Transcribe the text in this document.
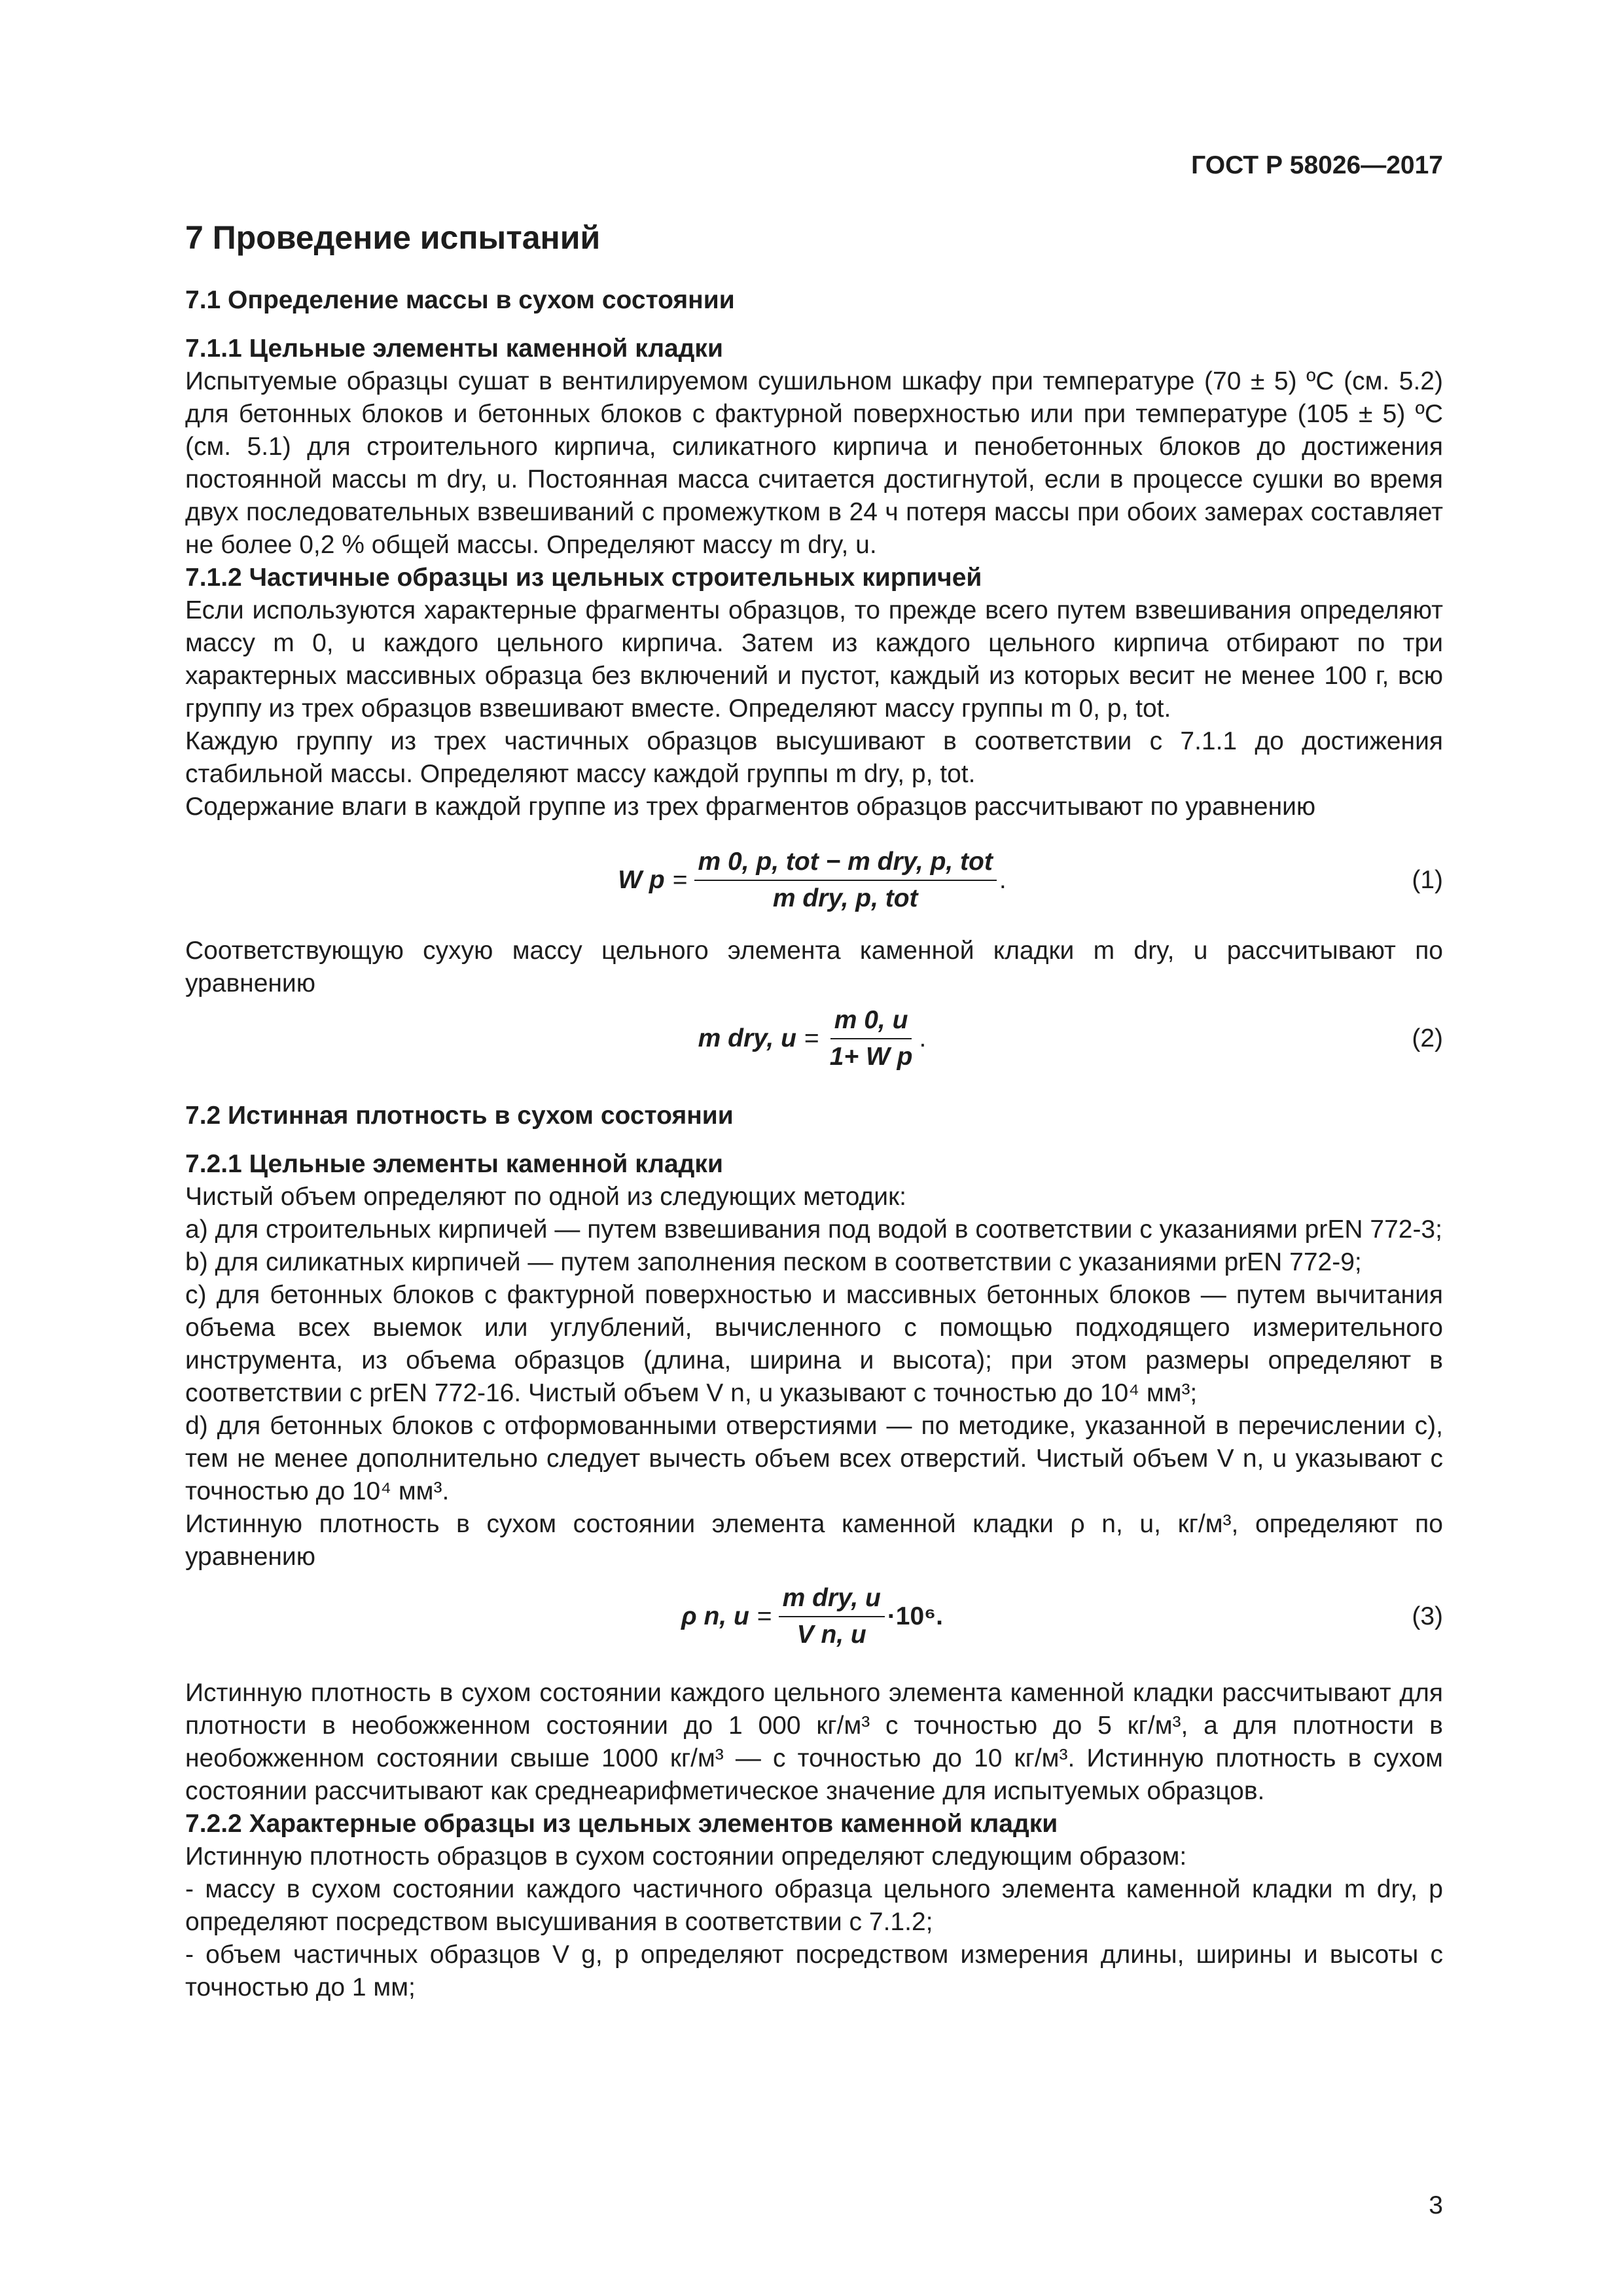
ГОСТ Р 58026—2017
7 Проведение испытаний

7.1 Определение массы в сухом состоянии

7.1.1 Цельные элементы каменной кладки

Испытуемые образцы сушат в вентилируемом сушильном шкафу при температуре (70 ± 5) ºС (см. 5.2) для бетонных блоков и бетонных блоков с фактурной поверхностью или при температуре (105 ± 5) ºС (см. 5.1) для строительного кирпича, силикатного кирпича и пенобетонных блоков до достижения постоянной массы m dry, u. Постоянная масса считается достигнутой, если в процессе сушки во время двух последовательных взвешиваний с промежутком в 24 ч потеря массы при обоих замерах составляет не более 0,2 % общей массы. Определяют массу m dry, u.

7.1.2 Частичные образцы из цельных строительных кирпичей

Если используются характерные фрагменты образцов, то прежде всего путем взвешивания определяют массу m 0, u каждого цельного кирпича. Затем из каждого цельного кирпича отбирают по три характерных массивных образца без включений и пустот, каждый из которых весит не менее 100 г, всю группу из трех образцов взвешивают вместе. Определяют массу группы m 0, p, tot.

Каждую группу из трех частичных образцов высушивают в соответствии с 7.1.1 до достижения стабильной массы. Определяют массу каждой группы m dry, p, tot.

Содержание влаги в каждой группе из трех фрагментов образцов рассчитывают по уравнению

W $p = \frac{\text{m 0, p, tot − m dry, p, tot}}{\text{m dry, p, tot}}$ .	(1)

Соответствующую сухую массу цельного элемента каменной кладки m dry, u рассчитывают по уравнению

m dry, $u = \frac{m 0, u}{\text{1+ W p}}$ .	(2)

7.2 Истинная плотность в сухом состоянии

7.2.1 Цельные элементы каменной кладки

Чистый объем определяют по одной из следующих методик:

а) для строительных кирпичей — путем взвешивания под водой в соответствии с указаниями prEN 772-3;

b) для силикатных кирпичей — путем заполнения песком в соответствии с указаниями prEN 772-9;

c) для бетонных блоков с фактурной поверхностью и массивных бетонных блоков — путем вычитания объема всех выемок или углублений, вычисленного с помощью подходящего измерительного инструмента, из объема образцов (длина, ширина и высота); при этом размеры определяют в соответствии с prEN 772-16. Чистый объем V n, u указывают с точностью до 10⁴ мм³;

d) для бетонных блоков с отформованными отверстиями — по методике, указанной в перечислении с), тем не менее дополнительно следует вычесть объем всех отверстий. Чистый объем V n, u указывают с точностью до 10⁴ мм³.

Истинную плотность в сухом состоянии элемента каменной кладки ρ n, u, кг/м³, определяют по уравнению

ρ n, $u = \frac{\text{m dry, u}}{\text{V n, u}} \cdot 10^6$.	(3)

Истинную плотность в сухом состоянии каждого цельного элемента каменной кладки рассчитывают для плотности в необожженном состоянии до 1 000 кг/м³ с точностью до 5 кг/м³, а для плотности в необожженном состоянии свыше 1000 кг/м³ — с точностью до 10 кг/м³. Истинную плотность в сухом состоянии рассчитывают как среднеарифметическое значение для испытуемых образцов.

7.2.2 Характерные образцы из цельных элементов каменной кладки

Истинную плотность образцов в сухом состоянии определяют следующим образом:

- массу в сухом состоянии каждого частичного образца цельного элемента каменной кладки m dry, p определяют посредством высушивания в соответствии с 7.1.2;

- объем частичных образцов V g, p определяют посредством измерения длины, ширины и высоты с точностью до 1 мм;

3
